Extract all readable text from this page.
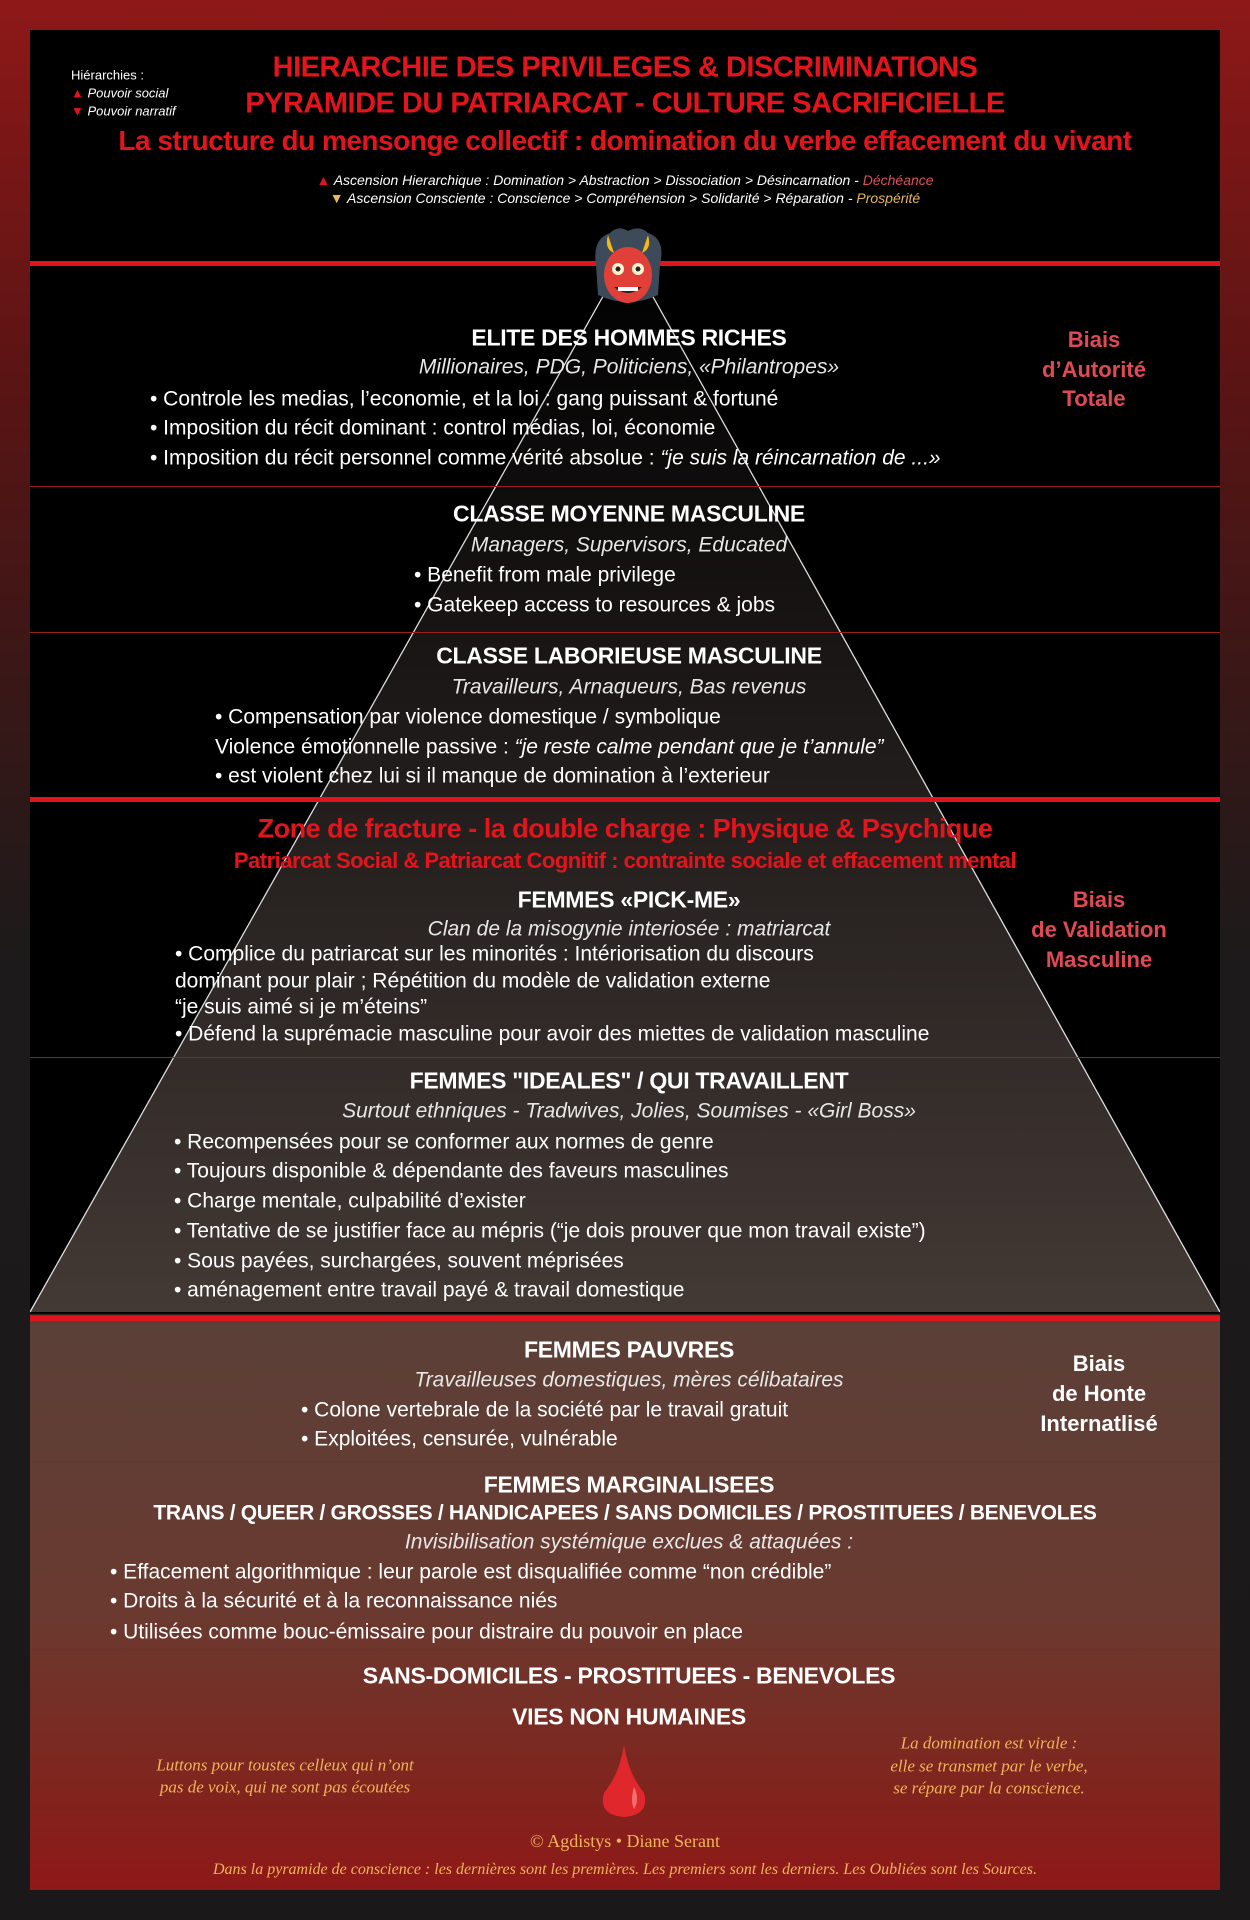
Hiérarchies :
▲ Pouvoir social
▼ Pouvoir narratif
HIERARCHIE DES PRIVILEGES & DISCRIMINATIONS
PYRAMIDE DU PATRIARCAT - CULTURE SACRIFICIELLE
La structure du mensonge collectif : domination du verbe effacement du vivant
▲ Ascension Hierarchique : Domination > Abstraction > Dissociation > Désincarnation - Déchéance
▼ Ascension Consciente : Conscience > Compréhension > Solidarité > Réparation - Prospérité
ELITE DES HOMMES RICHES
Millionaires, PDG, Politiciens, «Philantropes»
• Controle les medias, l’economie, et la loi : gang puissant & fortuné
• Imposition du récit dominant : control médias, loi, économie
• Imposition du récit personnel comme vérité absolue : “je suis la réincarnation de ...»
Biais
d’Autorité
Totale
CLASSE MOYENNE MASCULINE
Managers, Supervisors, Educated
• Benefit from male privilege
• Gatekeep access to resources & jobs
CLASSE LABORIEUSE MASCULINE
Travailleurs, Arnaqueurs, Bas revenus
• Compensation par violence domestique / symbolique
Violence émotionnelle passive : “je reste calme pendant que je t’annule”
• est violent chez lui si il manque de domination à l’exterieur
Zone de fracture - la double charge : Physique & Psychique
Patriarcat Social & Patriarcat Cognitif : contrainte sociale et effacement mental
FEMMES «PICK-ME»
Clan de la misogynie interiosée : matriarcat
• Complice du patriarcat sur les minorités : Intériorisation du discours
dominant pour plair ; Répétition du modèle de validation externe
“je suis aimé si je m’éteins”
• Défend la suprémacie masculine pour avoir des miettes de validation masculine
Biais
de Validation
Masculine
FEMMES "IDEALES" / QUI TRAVAILLENT
Surtout ethniques - Tradwives, Jolies, Soumises - «Girl Boss»
• Recompensées pour se conformer aux normes de genre
• Toujours disponible & dépendante des faveurs masculines
• Charge mentale, culpabilité d’exister
• Tentative de se justifier face au mépris (“je dois prouver que mon travail existe”)
• Sous payées, surchargées, souvent méprisées
• aménagement entre travail payé & travail domestique
FEMMES PAUVRES
Travailleuses domestiques, mères célibataires
• Colone vertebrale de la société par le travail gratuit
• Exploitées, censurée, vulnérable
Biais
de Honte
Internatlisé
FEMMES MARGINALISEES
TRANS / QUEER / GROSSES / HANDICAPEES / SANS DOMICILES / PROSTITUEES / BENEVOLES
Invisibilisation systémique exclues & attaquées :
• Effacement algorithmique : leur parole est disqualifiée comme “non crédible”
• Droits à la sécurité et à la reconnaissance niés
• Utilisées comme bouc-émissaire pour distraire du pouvoir en place
SANS-DOMICILES - PROSTITUEES - BENEVOLES
VIES NON HUMAINES
Luttons pour toustes celleux qui n’ont
pas de voix, qui ne sont pas écoutées
La domination est virale :
elle se transmet par le verbe,
se répare par la conscience.
© Agdistys • Diane Serant
Dans la pyramide de conscience : les dernières sont les premières. Les premiers sont les derniers. Les Oubliées sont les Sources.
